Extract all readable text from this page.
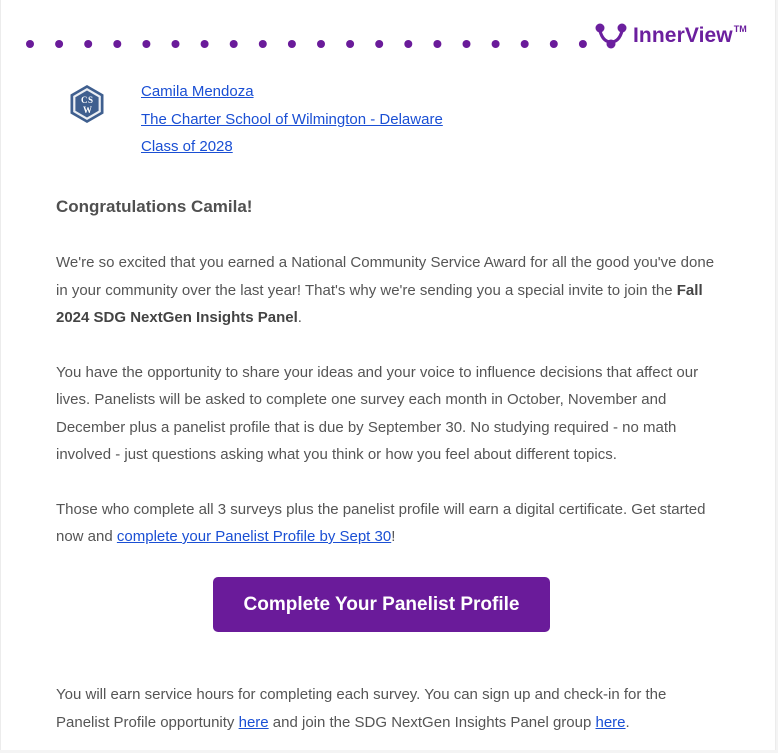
InnerView TM
C S
W
Camila Mendoza
The Charter School of Wilmington - Delaware
Class of 2028

Congratulations Camila!

We're so excited that you earned a National Community Service Award for all the good you've done in your community over the last year! That's why we're sending you a special invite to join the Fall 2024 SDG NextGen Insights Panel.

You have the opportunity to share your ideas and your voice to influence decisions that affect our lives. Panelists will be asked to complete one survey each month in October, November and December plus a panelist profile that is due by September 30. No studying required - no math involved - just questions asking what you think or how you feel about different topics.

Those who complete all 3 surveys plus the panelist profile will earn a digital certificate. Get started now and complete your Panelist Profile by Sept 30!

Complete Your Panelist Profile

You will earn service hours for completing each survey. You can sign up and check-in for the Panelist Profile opportunity here and join the SDG NextGen Insights Panel group here.
